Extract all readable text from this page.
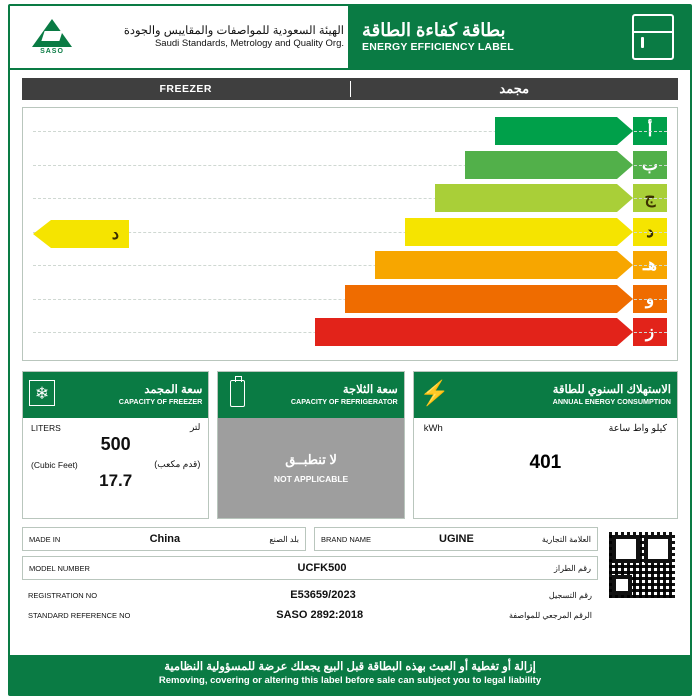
SASO
الهيئة السعودية للمواصفات والمقاييس والجودة
Saudi Standards, Metrology and Quality Org.
بطاقة كفاءة الطاقة
ENERGY EFFICIENCY LABEL
FREEZER	مجمد
أ
ب
ج
د
هـ
و
ز
د
❄	سعة المجمد
CAPACITY OF FREEZER
LITERS	لتر
500
(Cubic Feet)	(قدم مكعب)
17.7
سعة الثلاجة
CAPACITY OF REFRIGERATOR
لا تنطبــق
NOT APPLICABLE
⚡	الاستهلاك السنوي للطاقة
ANNUAL ENERGY CONSUMPTION
kWh	كيلو واط ساعة
401
MADE IN	China	بلد الصنع	BRAND NAME	UGINE	العلامة التجارية
MODEL NUMBER	UCFK500	رقم الطراز
REGISTRATION NO	E53659/2023	رقم التسجيل
STANDARD REFERENCE NO	SASO 2892:2018	الرقم المرجعي للمواصفة
إزالة أو تغطية أو العبث بهذه البطاقة قبل البيع يجعلك عرضة للمسؤولية النظامية
Removing, covering or altering this label before sale can subject you to legal liability
